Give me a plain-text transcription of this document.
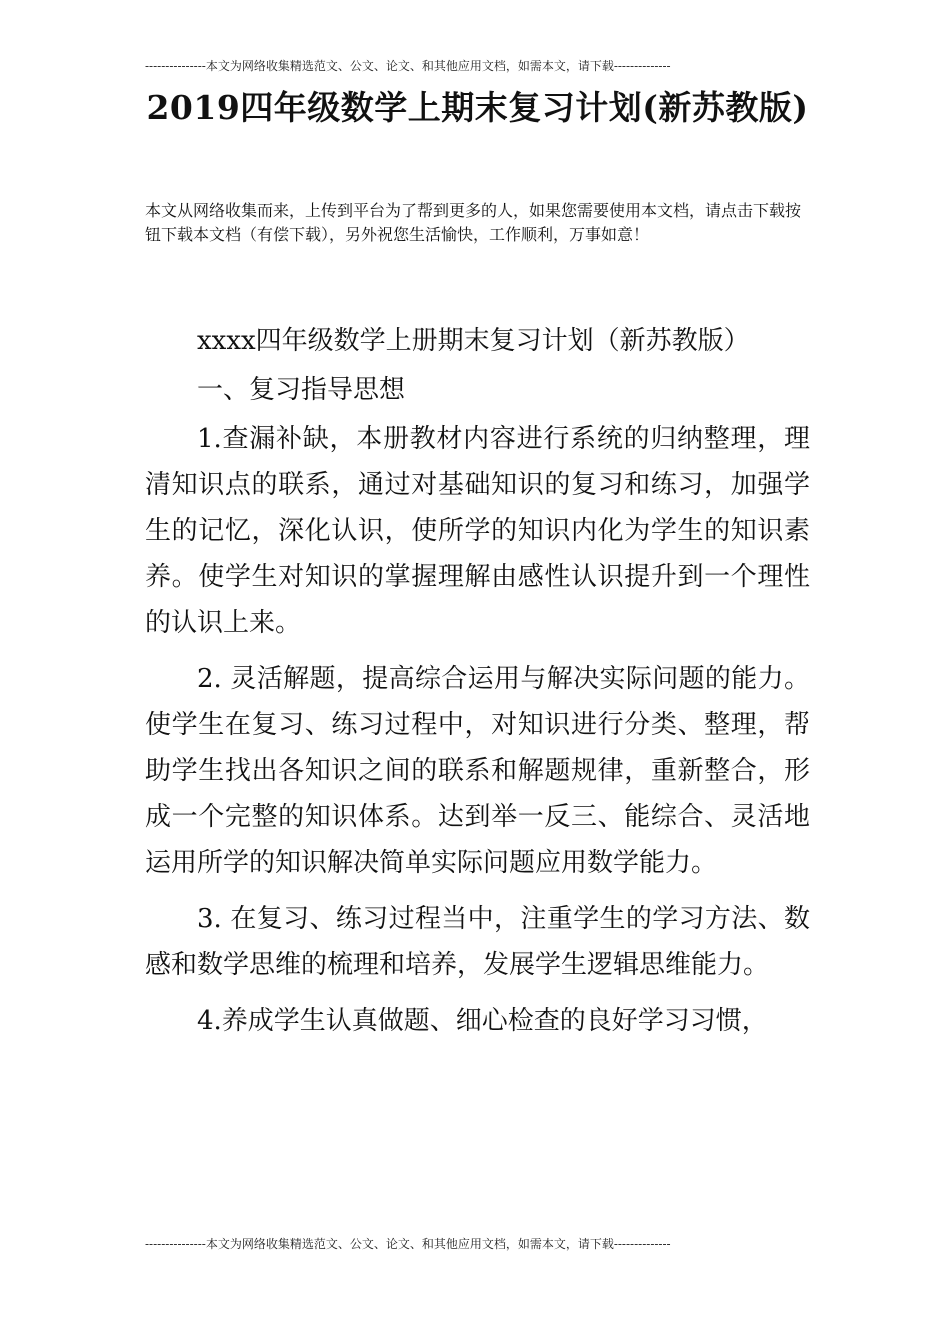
---------------本文为网络收集精选范文、公文、论文、和其他应用文档，如需本文，请下载--------------
2019四年级数学上期末复习计划(新苏教版)

本文从网络收集而来，上传到平台为了帮到更多的人，如果您需要使用本文档，请点击下载按钮下载本文档（有偿下载），另外祝您生活愉快，工作顺利，万事如意！

xxxx四年级数学上册期末复习计划（新苏教版）

一、复习指导思想

1.查漏补缺，本册教材内容进行系统的归纳整理，理清知识点的联系，通过对基础知识的复习和练习，加强学生的记忆，深化认识，使所学的知识内化为学生的知识素养。使学生对知识的掌握理解由感性认识提升到一个理性的认识上来。

2. 灵活解题，提高综合运用与解决实际问题的能力。使学生在复习、练习过程中，对知识进行分类、整理，帮助学生找出各知识之间的联系和解题规律，重新整合，形成一个完整的知识体系。达到举一反三、能综合、灵活地运用所学的知识解决简单实际问题应用数学能力。

3. 在复习、练习过程当中，注重学生的学习方法、数感和数学思维的梳理和培养，发展学生逻辑思维能力。

4.养成学生认真做题、细心检查的良好学习习惯，

---------------本文为网络收集精选范文、公文、论文、和其他应用文档，如需本文，请下载--------------
